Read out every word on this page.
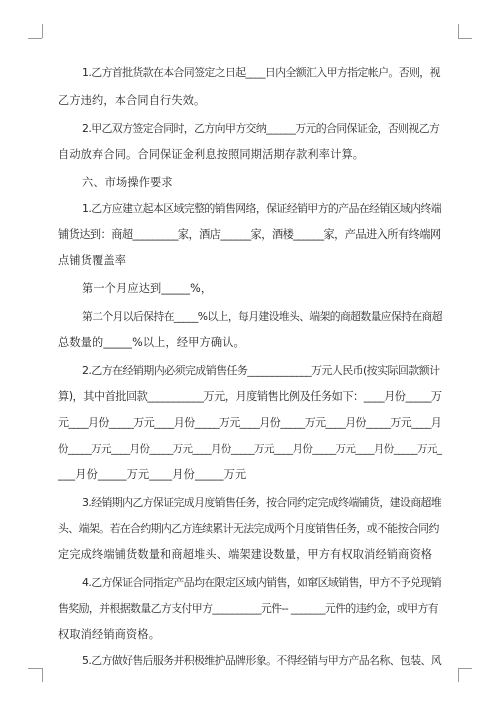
1.乙方首批货款在本合同签定之日起____日内全额汇入甲方指定帐户。否则，视
乙方违约，本合同自行失效。
2.甲乙双方签定合同时，乙方向甲方交纳______万元的合同保证金，否则视乙方
自动放弃合同。合同保证金利息按照同期活期存款利率计算。
六、市场操作要求
1.乙方应建立起本区域完整的销售网络，保证经销甲方的产品在经销区域内终端
铺货达到：商超_________家，酒店______家，酒楼______家，产品进入所有终端网
点铺货覆盖率
第一个月应达到_____%，
第二个月以后保持在_____%以上，每月建设堆头、端架的商超数量应保持在商超
总数量的_____%以上，经甲方确认。
2.乙方在经销期内必须完成销售任务_____________万元人民币(按实际回款额计
算)，其中首批回款___________万元，月度销售比例及任务如下：____月份_____万
元____月份_____万元____月份_____万元____月份_____万元____月份_____万元____月
份_____万元____月份_____万元____月份_____万元____月份_____万元____月份_____万元_
___月份_____万元____月份_____万元
3.经销期内乙方保证完成月度销售任务，按合同约定完成终端铺货，建设商超堆
头、端架。若在合约期内乙方连续累计无法完成两个月度销售任务，或不能按合同约
定完成终端铺货数量和商超堆头、端架建设数量，甲方有权取消经销商资格
4.乙方保证合同指定产品均在限定区域内销售，如窜区域销售，甲方不予兑现销
售奖励，并根据数量乙方支付甲方__________元件-- _______元件的违约金，或甲方有
权取消经销商资格。
5.乙方做好售后服务并积极维护品牌形象。不得经销与甲方产品名称、包装、风
